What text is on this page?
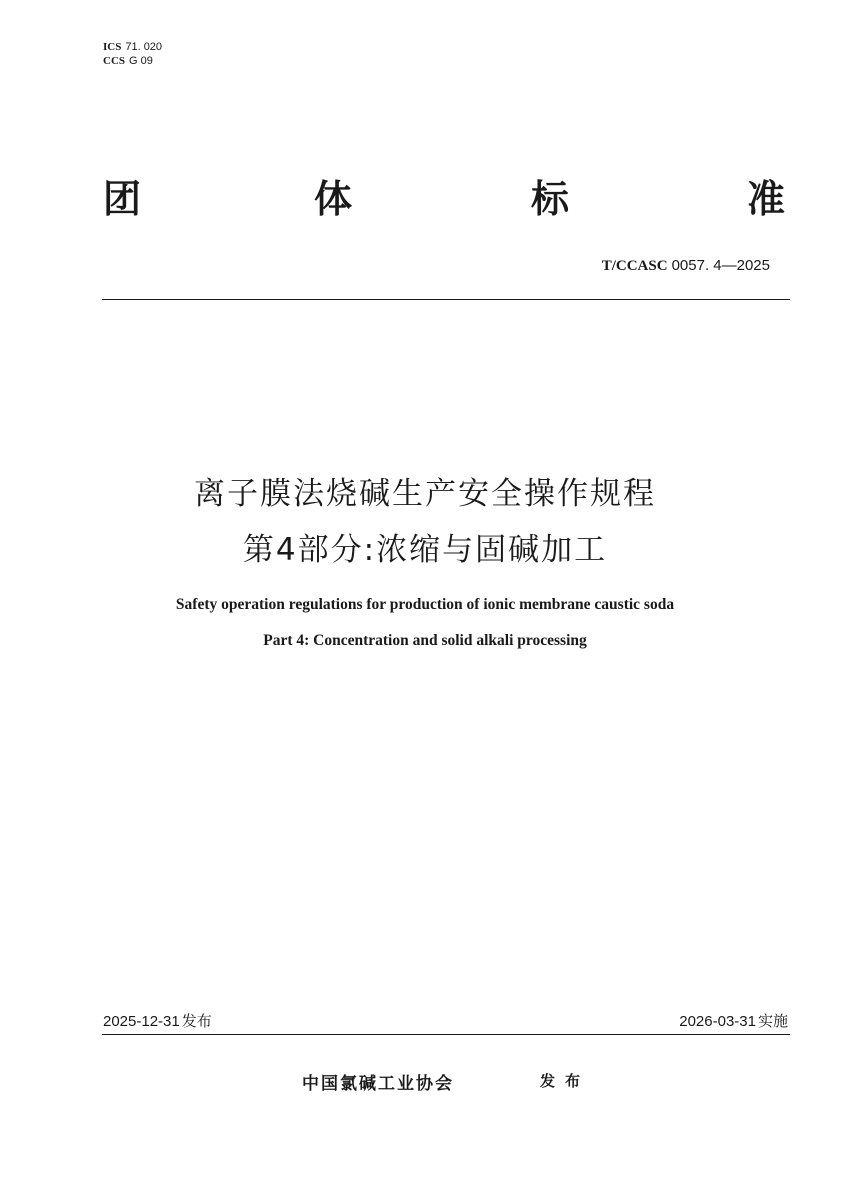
ICS 71. 020
CCS G 09
团	体	标	准
T/CCASC 0057. 4—2025
离子膜法烧碱生产安全操作规程
第4部分:浓缩与固碱加工
Safety operation regulations for production of ionic membrane caustic soda
Part 4: Concentration and solid alkali processing
2025-12-31 发布	2026-03-31 实施
中国氯碱工业协会	发布
